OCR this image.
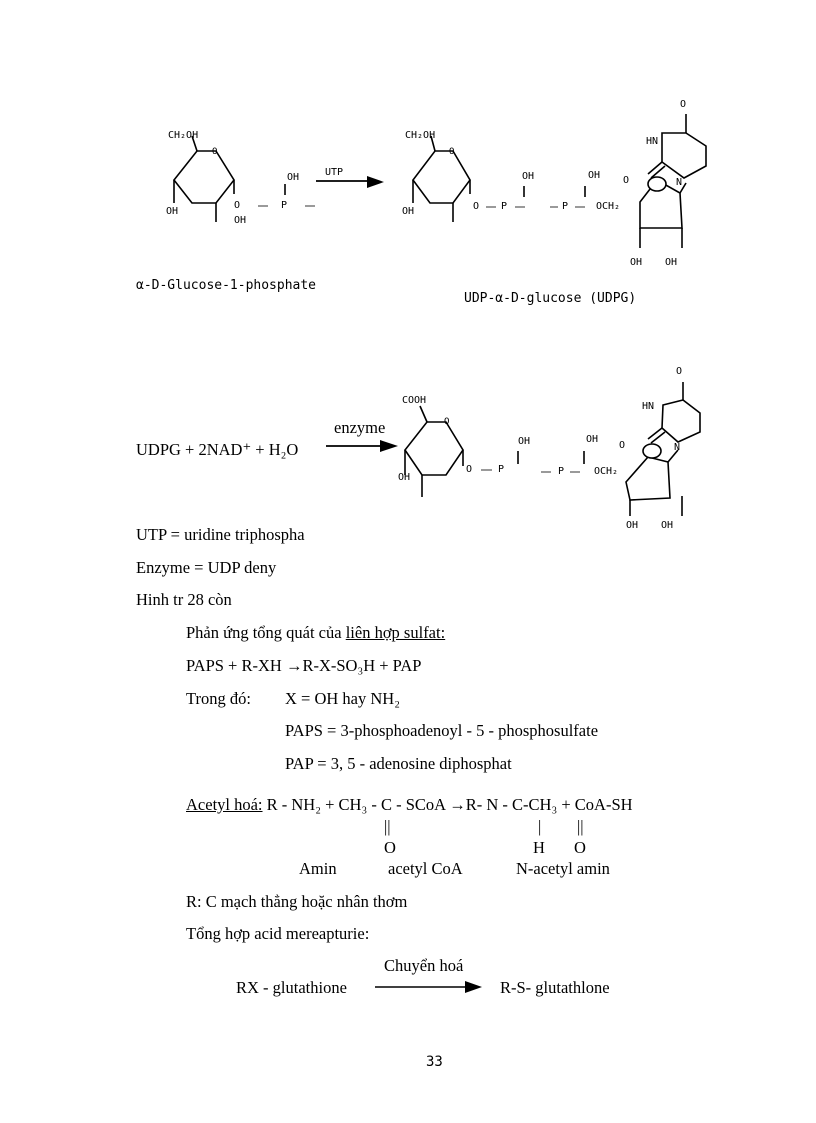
CH₂OH
O
OH
OH
O
OH
P
UTP
CH₂OH
O
OH	O
OH	OH
P	P	OCH₂
O
HN
O	N
OH OH
α-D-Glucose-1-phosphate
UDP-α-D-glucose (UDPG)
UDPG + 2NAD⁺ + H₂O
enzyme
COOH
O
OH
O
OH	OH
P	P	OCH₂
O
HN
O	N
OH OH
UTP = uridine triphospha
Enzyme = UDP deny
Hinh tr 28 còn
Phản ứng tổng quát của liên hợp sulfat:
PAPS + R-XH →R-X-SO₃H + PAP
Trong đó: X = OH hay NH₂
PAPS = 3-phosphoadenoyl - 5 - phosphosulfate
PAP = 3, 5 - adenosine diphosphat
Acetyl hoá: R - NH₂ + CH₃ - C - SCoA →R- N - C-CH₃ + CoA-SH
||	| ||
O	H O
Amin	acetyl CoA	N-acetyl amin
R: C mạch thẳng hoặc nhân thơm
Tổng hợp acid mereapturie:
Chuyển hoá
RX - glutathione	R-S- glutathlone
33
